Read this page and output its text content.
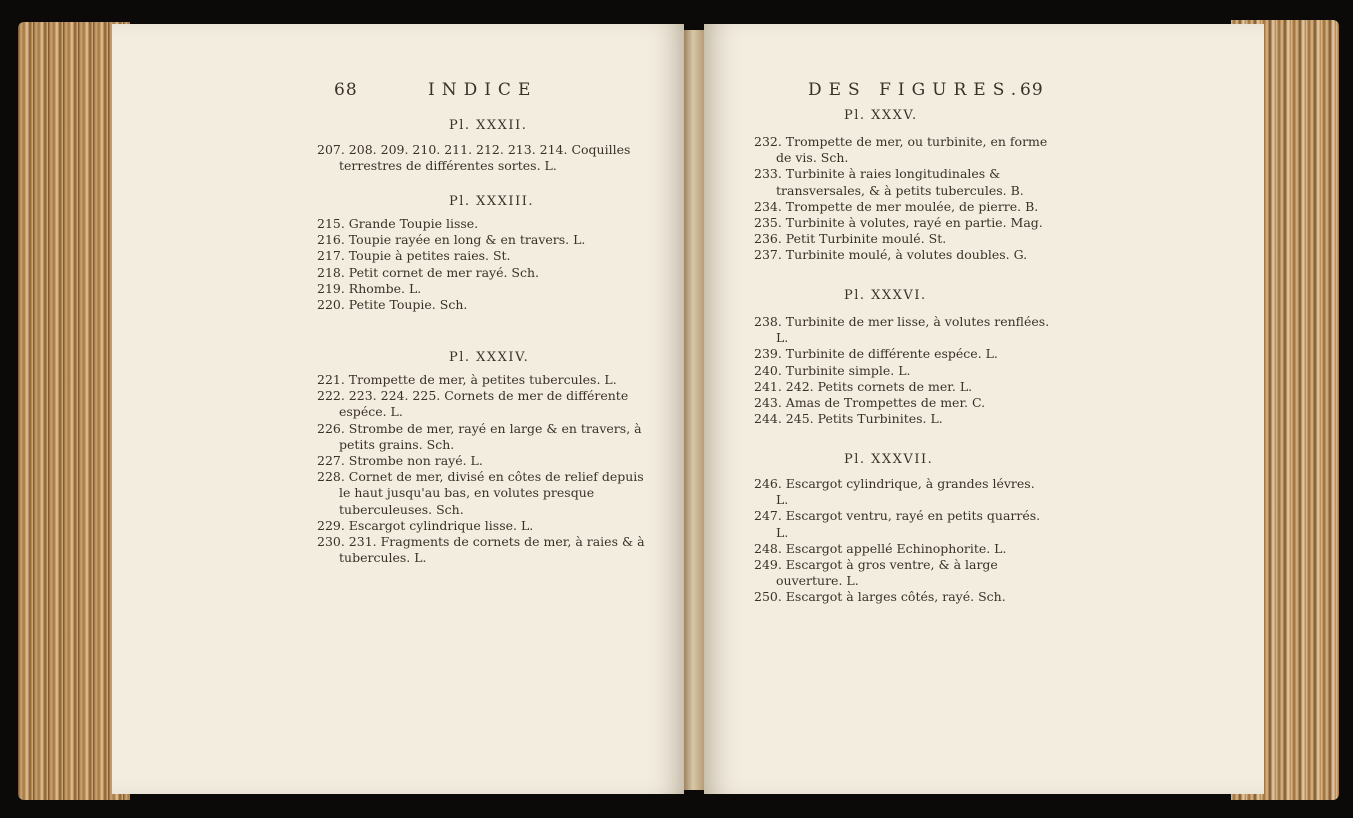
68	INDICE
Pl. XXXII.

207. 208. 209. 210. 211. 212. 213. 214. Coquilles terrestres de différentes sortes. L.

Pl. XXXIII.

215. Grande Toupie lisse.

216. Toupie rayée en long & en travers. L.

217. Toupie à petites raies. St.

218. Petit cornet de mer rayé. Sch.

219. Rhombe. L.

220. Petite Toupie. Sch.

Pl. XXXIV.

221. Trompette de mer, à petites tubercules. L.

222. 223. 224. 225. Cornets de mer de différente espéce. L.

226. Strombe de mer, rayé en large & en travers, à petits grains. Sch.

227. Strombe non rayé. L.

228. Cornet de mer, divisé en côtes de relief depuis le haut jusqu'au bas, en volutes presque tuberculeuses. Sch.

229. Escargot cylindrique lisse. L.

230. 231. Fragments de cornets de mer, à raies & à tubercules. L.

DES FIGURES.
69
Pl. XXXV.

232. Trompette de mer, ou turbinite, en forme de vis. Sch.

233. Turbinite à raies longitudinales & transversales, & à petits tubercules. B.

234. Trompette de mer moulée, de pierre. B.

235. Turbinite à volutes, rayé en partie. Mag.

236. Petit Turbinite moulé. St.

237. Turbinite moulé, à volutes doubles. G.

Pl. XXXVI.

238. Turbinite de mer lisse, à volutes renflées. L.

239. Turbinite de différente espéce. L.

240. Turbinite simple. L.

241. 242. Petits cornets de mer. L.

243. Amas de Trompettes de mer. C.

244. 245. Petits Turbinites. L.

Pl. XXXVII.

246. Escargot cylindrique, à grandes lévres. L.

247. Escargot ventru, rayé en petits quarrés. L.

248. Escargot appellé Echinophorite. L.

249. Escargot à gros ventre, & à large ouverture. L.

250. Escargot à larges côtés, rayé. Sch.
